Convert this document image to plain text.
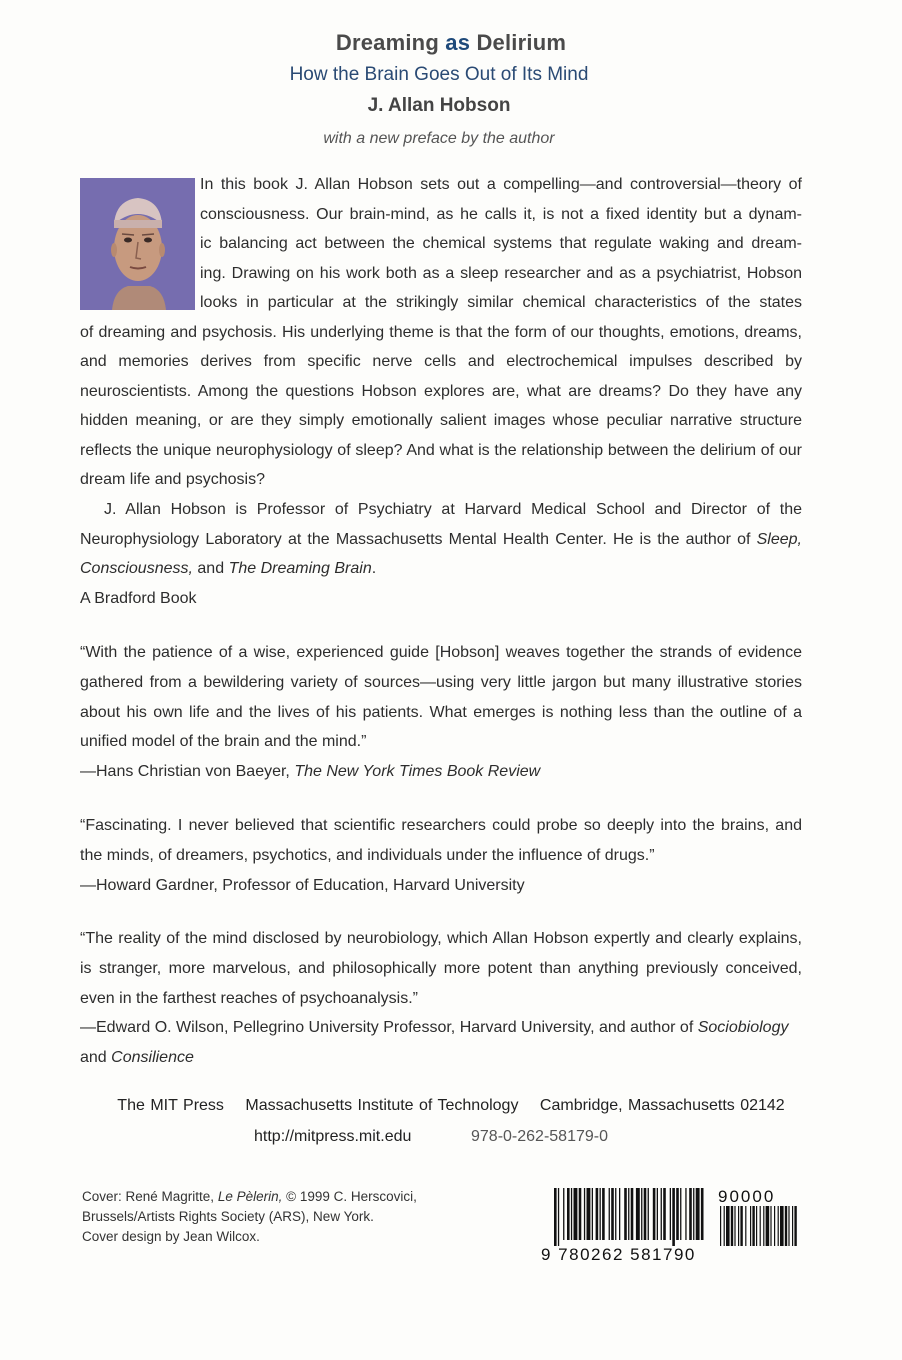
Dreaming as Delirium
How the Brain Goes Out of Its Mind
J. Allan Hobson
with a new preface by the author
In this book J. Allan Hobson sets out a compelling—and controversial—theory of
consciousness. Our brain-mind, as he calls it, is not a fixed identity but a dynam-
ic balancing act between the chemical systems that regulate waking and dream-
ing. Drawing on his work both as a sleep researcher and as a psychiatrist, Hobson
looks in particular at the strikingly similar chemical characteristics of the states
of dreaming and psychosis. His underlying theme is that the form of our thoughts, emotions, dreams, and memories derives from specific nerve cells and electrochemical impulses described by neuroscientists. Among the questions Hobson explores are, what are dreams? Do they have any hidden meaning, or are they simply emotionally salient images whose peculiar narrative structure reflects the unique neurophysiology of sleep? And what is the relationship between the delirium of our dream life and psychosis?

J. Allan Hobson is Professor of Psychiatry at Harvard Medical School and Director of the Neurophysiology Laboratory at the Massachusetts Mental Health Center. He is the author of Sleep, Consciousness, and The Dreaming Brain.

A Bradford Book

“With the patience of a wise, experienced guide [Hobson] weaves together the strands of evidence gathered from a bewildering variety of sources—using very little jargon but many illustrative stories about his own life and the lives of his patients. What emerges is nothing less than the outline of a unified model of the brain and the mind.”

—Hans Christian von Baeyer, The New York Times Book Review

“Fascinating. I never believed that scientific researchers could probe so deeply into the brains, and the minds, of dreamers, psychotics, and individuals under the influence of drugs.”

—Howard Gardner, Professor of Education, Harvard University

“The reality of the mind disclosed by neurobiology, which Allan Hobson expertly and clearly explains, is stranger, more marvelous, and philosophically more potent than anything previously conceived, even in the farthest reaches of psychoanalysis.”

—Edward O. Wilson, Pellegrino University Professor, Harvard University, and author of Sociobiology and Consilience
The MIT Press Massachusetts Institute of Technology Cambridge, Massachusetts 02142
http://mitpress.mit.edu	978-0-262-58179-0
Cover: René Magritte, Le Pèlerin, © 1999 C. Herscovici,
Brussels/Artists Rights Society (ARS), New York.
Cover design by Jean Wilcox.
9 780262 581790
90000
